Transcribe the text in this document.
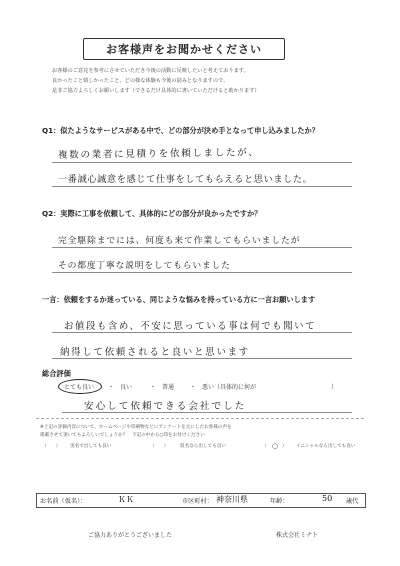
お客様声をお聞かせください
お客様のご意見を参考にさせていただき今後の活動に反映したいと考えております。
良かったこと嬉しかったこと、どの様な体験も今後の励みとなりますので、
是非ご協力よろしくお願いします（できるだけ具体的に書いていただけると助かります）
Q1：似たようなサービスがある中で、どの部分が決め手となって申し込みましたか？
複数の業者に見積りを依頼しましたが、
一番誠心誠意を感じて仕事をしてもらえると思いました。
Q2：実際に工事を依頼して、具体的にどの部分が良かったですか？
完全駆除までには、何度も来て作業してもらいましたが
その都度丁寧な説明をしてもらいました
一言：依頼をするか迷っている、同じような悩みを持っている方に一言お願いします
お値段も含め、不安に思っている事は何でも聞いて
納得して依頼されると良いと思います
総合評価
とても良い ・ 良い	・ 普通	・ 悪い（具体的に何が	）
安心して依頼できる会社でした
※上記の評価内容について、ホームページや印刷物などにアンケートを元にしたお客様の声を
掲載させて頂いてもよろしいでしょうか？　下記の中から○印をお付けください
（　　） 実名で出しても良い	（　　）	仮名なら出しても良い	（ ○ ） イニシャルなら出しても良い
お名前（仮名）：	ＫＫ	市区町村： 神奈川県	年齢：	50 歳代
ご協力ありがとうございました	株式会社ミナト
